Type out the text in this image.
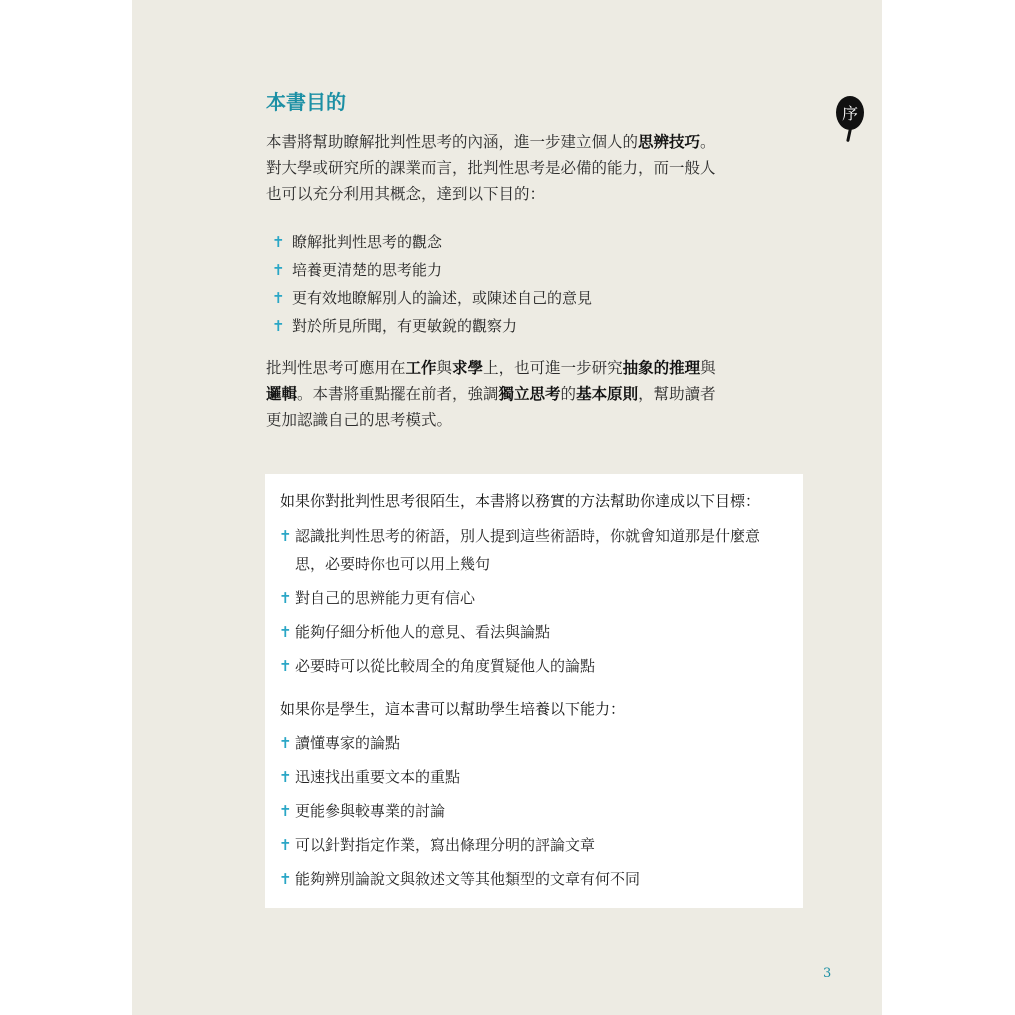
本書目的	序
本書將幫助瞭解批判性思考的內涵，進一步建立個人的思辨技巧。
對大學或研究所的課業而言，批判性思考是必備的能力，而一般人
也可以充分利用其概念，達到以下目的：
✝ 瞭解批判性思考的觀念
✝ 培養更清楚的思考能力
✝ 更有效地瞭解別人的論述，或陳述自己的意見
✝ 對於所見所聞，有更敏銳的觀察力
批判性思考可應用在工作與求學上，也可進一步研究抽象的推理與
邏輯。本書將重點擺在前者，強調獨立思考的基本原則，幫助讀者
更加認識自己的思考模式。

如果你對批判性思考很陌生，本書將以務實的方法幫助你達成以下目標：

✝ 認識批判性思考的術語，別人提到這些術語時，你就會知道那是什麼意思，必要時你也可以用上幾句
✝ 對自己的思辨能力更有信心
✝ 能夠仔細分析他人的意見、看法與論點
✝ 必要時可以從比較周全的角度質疑他人的論點

如果你是學生，這本書可以幫助學生培養以下能力：

✝ 讀懂專家的論點
✝ 迅速找出重要文本的重點
✝ 更能參與較專業的討論
✝ 可以針對指定作業，寫出條理分明的評論文章
✝ 能夠辨別論說文與敘述文等其他類型的文章有何不同
3
